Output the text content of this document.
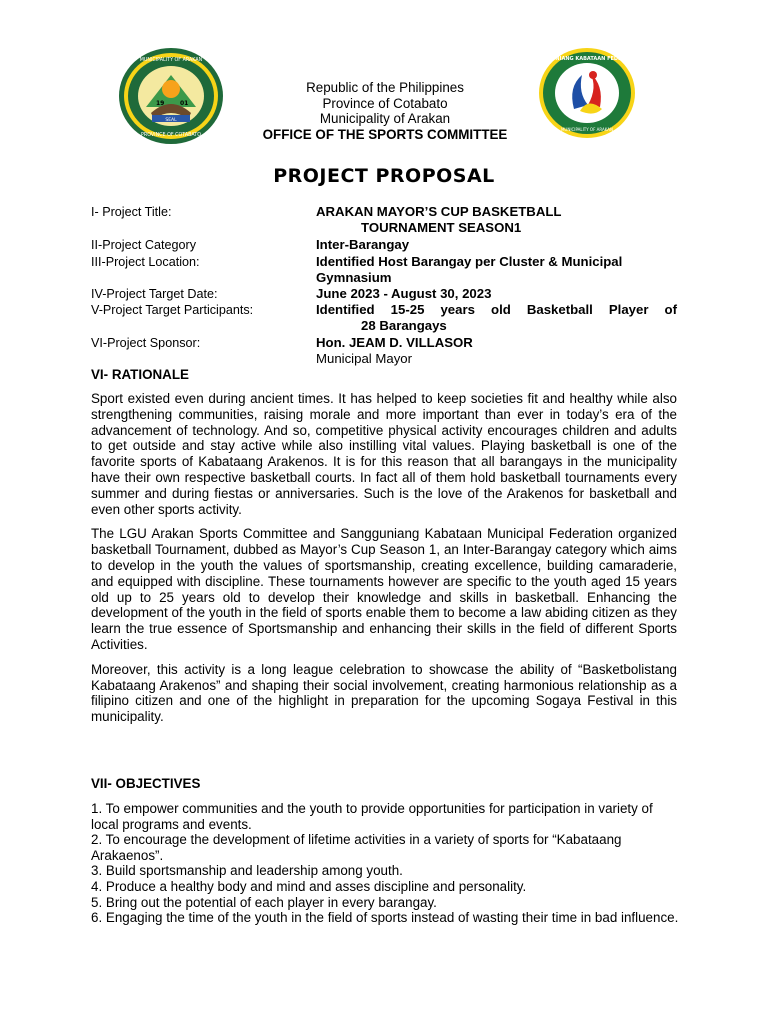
19	01
SEAL
MUNICIPALITY OF ARAKAN
PROVINCE OF COTABATO
SANGGUNIANG KABATAAN FEDERATION
MUNICIPALITY OF ARAKAN
Republic of the Philippines
Province of Cotabato
Municipality of Arakan
OFFICE OF THE SPORTS COMMITTEE
PROJECT PROPOSAL
I- Project Title:	ARAKAN MAYOR’S CUP BASKETBALL
TOURNAMENT SEASON1
II-Project Category	Inter-Barangay
III-Project Location:	Identified Host Barangay per Cluster & Municipal
Gymnasium
IV-Project Target Date:	June 2023 - August 30, 2023
V-Project Target Participants:	Identified 15-25 years old Basketball Player of
28 Barangays
VI-Project Sponsor:	Hon. JEAM D. VILLASOR
Municipal Mayor
VI- RATIONALE

Sport existed even during ancient times. It has helped to keep societies fit and healthy while also strengthening communities, raising morale and more important than ever in today’s era of the advancement of technology. And so, competitive physical activity encourages children and adults to get outside and stay active while also instilling vital values. Playing basketball is one of the favorite sports of Kabataang Arakenos. It is for this reason that all barangays in the municipality have their own respective basketball courts. In fact all of them hold basketball tournaments every summer and during fiestas or anniversaries. Such is the love of the Arakenos for basketball and even other sports activity.

The LGU Arakan Sports Committee and Sangguniang Kabataan Municipal Federation organized basketball Tournament, dubbed as Mayor’s Cup Season 1, an Inter-Barangay category which aims to develop in the youth the values of sportsmanship, creating excellence, building camaraderie, and equipped with discipline. These tournaments however are specific to the youth aged 15 years old up to 25 years old to develop their knowledge and skills in basketball. Enhancing the development of the youth in the field of sports enable them to become a law abiding citizen as they learn the true essence of Sportsmanship and enhancing their skills in the field of different Sports Activities.

Moreover, this activity is a long league celebration to showcase the ability of “Basketbolistang Kabataang Arakenos” and shaping their social involvement, creating harmonious relationship as a filipino citizen and one of the highlight in preparation for the upcoming Sogaya Festival in this municipality.

VII- OBJECTIVES
1. To empower communities and the youth to provide opportunities for participation in variety of local programs and events.
2. To encourage the development of lifetime activities in a variety of sports for “Kabataang Arakaenos”.
3. Build sportsmanship and leadership among youth.
4. Produce a healthy body and mind and asses discipline and personality.
5. Bring out the potential of each player in every barangay.
6. Engaging the time of the youth in the field of sports instead of wasting their time in bad influence.
